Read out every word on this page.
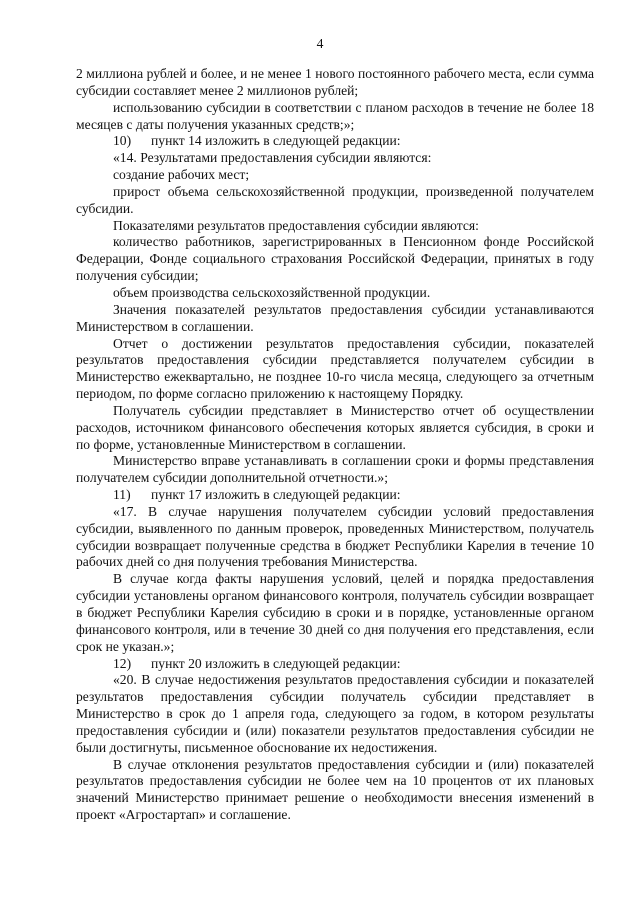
4

2 миллиона рублей и более, и не менее 1 нового постоянного рабочего места, если сумма субсидии составляет менее 2 миллионов рублей;

использованию субсидии в соответствии с планом расходов в течение не более 18 месяцев с даты получения указанных средств;»;

10) пункт 14 изложить в следующей редакции:

«14. Результатами предоставления субсидии являются:

создание рабочих мест;

прирост объема сельскохозяйственной продукции, произведенной получателем субсидии.

Показателями результатов предоставления субсидии являются:

количество работников, зарегистрированных в Пенсионном фонде Российской Федерации, Фонде социального страхования Российской Федерации, принятых в году получения субсидии;

объем производства сельскохозяйственной продукции.

Значения показателей результатов предоставления субсидии устанавливаются Министерством в соглашении.

Отчет о достижении результатов предоставления субсидии, показателей результатов предоставления субсидии представляется получателем субсидии в Министерство ежеквартально, не позднее 10-го числа месяца, следующего за отчетным периодом, по форме согласно приложению к настоящему Порядку.

Получатель субсидии представляет в Министерство отчет об осуществлении расходов, источником финансового обеспечения которых является субсидия, в сроки и по форме, установленные Министерством в соглашении.

Министерство вправе устанавливать в соглашении сроки и формы представления получателем субсидии дополнительной отчетности.»;

11) пункт 17 изложить в следующей редакции:

«17. В случае нарушения получателем субсидии условий предоставления субсидии, выявленного по данным проверок, проведенных Министерством, получатель субсидии возвращает полученные средства в бюджет Республики Карелия в течение 10 рабочих дней со дня получения требования Министерства.

В случае когда факты нарушения условий, целей и порядка предоставления субсидии установлены органом финансового контроля, получатель субсидии возвращает в бюджет Республики Карелия субсидию в сроки и в порядке, установленные органом финансового контроля, или в течение 30 дней со дня получения его представления, если срок не указан.»;

12) пункт 20 изложить в следующей редакции:

«20. В случае недостижения результатов предоставления субсидии и показателей результатов предоставления субсидии получатель субсидии представляет в Министерство в срок до 1 апреля года, следующего за годом, в котором результаты предоставления субсидии и (или) показатели результатов предоставления субсидии не были достигнуты, письменное обоснование их недостижения.

В случае отклонения результатов предоставления субсидии и (или) показателей результатов предоставления субсидии не более чем на 10 процентов от их плановых значений Министерство принимает решение о необходимости внесения изменений в проект «Агростартап» и соглашение.
